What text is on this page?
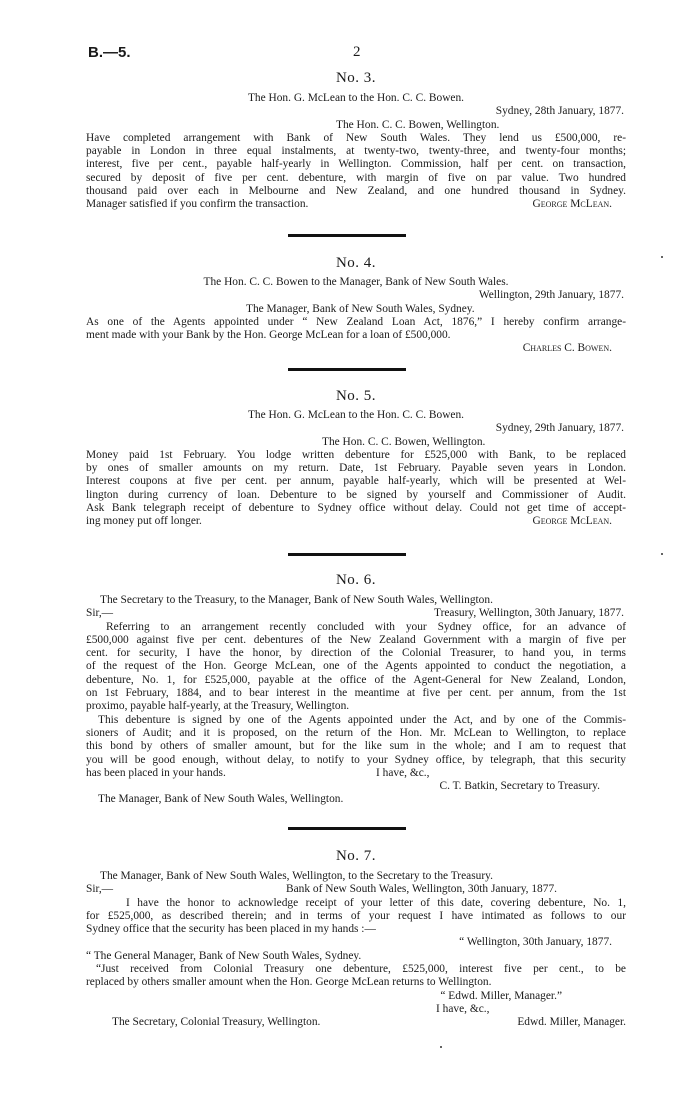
B.—5.	2

No. 3.

The Hon. G. McLean to the Hon. C. C. Bowen.

Sydney, 28th January, 1877.

The Hon. C. C. Bowen, Wellington.

Have completed arrangement with Bank of New South Wales. They lend us £500,000, re-

payable in London in three equal instalments, at twenty-two, twenty-three, and twenty-four months;

interest, five per cent., payable half-yearly in Wellington. Commission, half per cent. on transaction,

secured by deposit of five per cent. debenture, with margin of five on par value. Two hundred

thousand paid over each in Melbourne and New Zealand, and one hundred thousand in Sydney.

Manager satisfied if you confirm the transaction.	George McLean.

No. 4.

The Hon. C. C. Bowen to the Manager, Bank of New South Wales.

Wellington, 29th January, 1877.

The Manager, Bank of New South Wales, Sydney.

As one of the Agents appointed under “ New Zealand Loan Act, 1876,” I hereby confirm arrange-

ment made with your Bank by the Hon. George McLean for a loan of £500,000.

Charles C. Bowen.

No. 5.

The Hon. G. McLean to the Hon. C. C. Bowen.

Sydney, 29th January, 1877.

The Hon. C. C. Bowen, Wellington.

Money paid 1st February. You lodge written debenture for £525,000 with Bank, to be replaced

by ones of smaller amounts on my return. Date, 1st February. Payable seven years in London.

Interest coupons at five per cent. per annum, payable half-yearly, which will be presented at Wel-

lington during currency of loan. Debenture to be signed by yourself and Commissioner of Audit.

Ask Bank telegraph receipt of debenture to Sydney office without delay. Could not get time of accept-

ing money put off longer.	George McLean.

No. 6.

The Secretary to the Treasury, to the Manager, Bank of New South Wales, Wellington.

Sir,—	Treasury, Wellington, 30th January, 1877.

Referring to an arrangement recently concluded with your Sydney office, for an advance of

£500,000 against five per cent. debentures of the New Zealand Government with a margin of five per

cent. for security, I have the honor, by direction of the Colonial Treasurer, to hand you, in terms

of the request of the Hon. George McLean, one of the Agents appointed to conduct the negotiation, a

debenture, No. 1, for £525,000, payable at the office of the Agent-General for New Zealand, London,

on 1st February, 1884, and to bear interest in the meantime at five per cent. per annum, from the 1st

proximo, payable half-yearly, at the Treasury, Wellington.

This debenture is signed by one of the Agents appointed under the Act, and by one of the Commis-

sioners of Audit; and it is proposed, on the return of the Hon. Mr. McLean to Wellington, to replace

this bond by others of smaller amount, but for the like sum in the whole; and I am to request that

you will be good enough, without delay, to notify to your Sydney office, by telegraph, that this security

has been placed in your hands.	I have, &c.,

C. T. Batkin, Secretary to Treasury.

The Manager, Bank of New South Wales, Wellington.

No. 7.

The Manager, Bank of New South Wales, Wellington, to the Secretary to the Treasury.

Sir,—	Bank of New South Wales, Wellington, 30th January, 1877.

I have the honor to acknowledge receipt of your letter of this date, covering debenture, No. 1,

for £525,000, as described therein; and in terms of your request I have intimated as follows to our

Sydney office that the security has been placed in my hands :—

“ Wellington, 30th January, 1877.

“ The General Manager, Bank of New South Wales, Sydney.

“Just received from Colonial Treasury one debenture, £525,000, interest five per cent., to be

replaced by others smaller amount when the Hon. George McLean returns to Wellington.

“ Edwd. Miller, Manager.”

I have, &c.,

The Secretary, Colonial Treasury, Wellington.	Edwd. Miller, Manager.
